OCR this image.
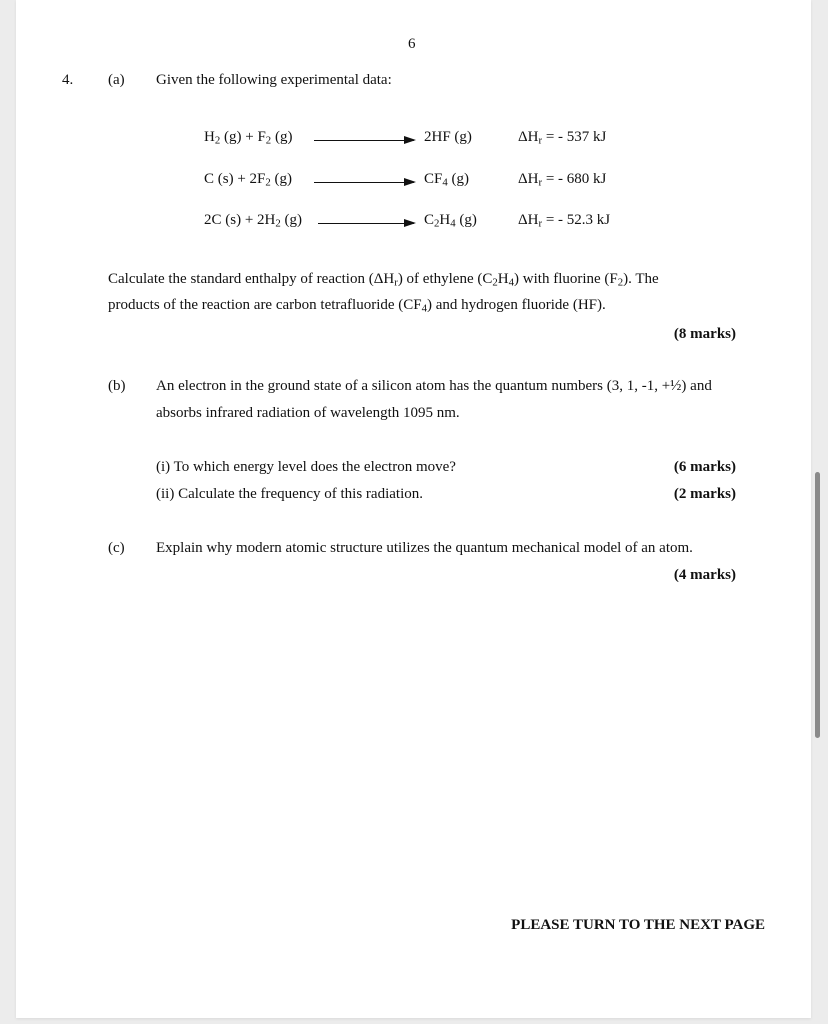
6
4. (a) Given the following experimental data:
$H_2$ $(g) + F_2$ (g)	2HF (g)	$\Delta H_r$ = - 537 kJ
C $(s) + 2F_2$ (g)	$CF_4$ (g)	$\Delta H_r$ = - 680 kJ
2C $(s) + 2H_2$ (g)	$C_2H_4$ (g)	$\Delta H_r$ = - 52.3 kJ
Calculate the standard enthalpy of reaction $(\Delta H_r)$ of ethylene $(C_2H_4)$ with fluorine $(F_2)$. The
products of the reaction are carbon tetrafluoride $(CF_4)$ and hydrogen fluoride (HF).
(8 marks)
(b) An electron in the ground state of a silicon atom has the quantum numbers (3, 1, -1, +½) and
absorbs infrared radiation of wavelength 1095 nm.
(i) To which energy level does the electron move?	(6 marks)
(ii) Calculate the frequency of this radiation.	(2 marks)
(c) Explain why modern atomic structure utilizes the quantum mechanical model of an atom.
(4 marks)
PLEASE TURN TO THE NEXT PAGE
